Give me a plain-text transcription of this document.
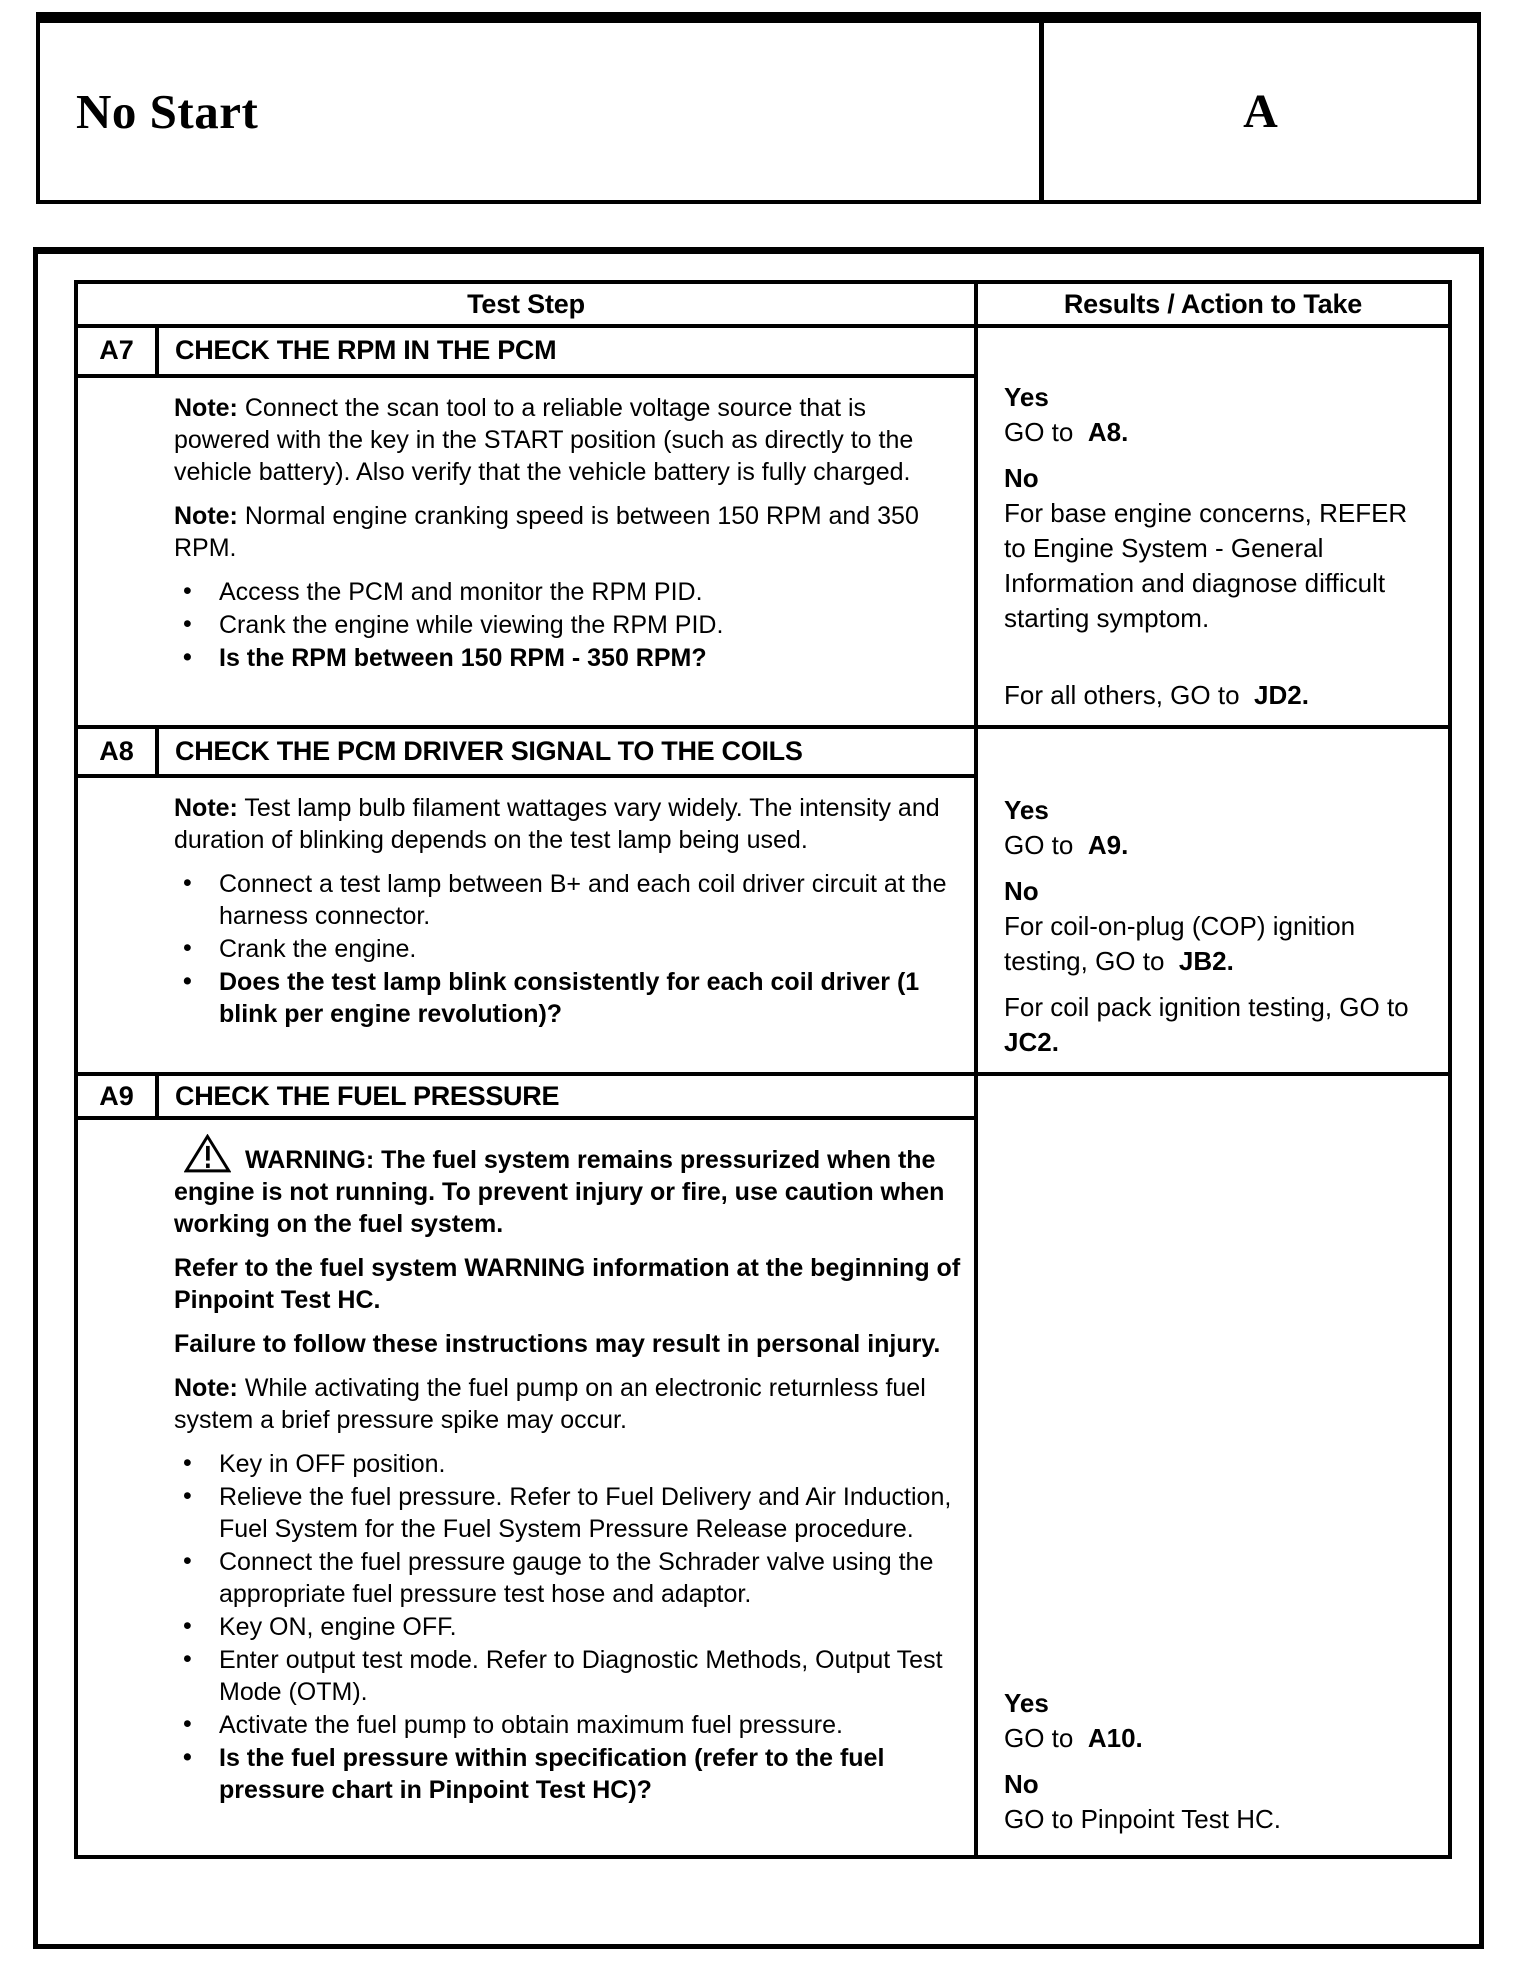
No Start	A
Test Step		Results / Action to Take
A7	CHECK THE RPM IN THE PCM	Yes
GO to  A8.
No
For base engine concerns, REFER to Engine System - General Information and diagnose difficult starting symptom.
For all others, GO to  JD2.

Note: Connect the scan tool to a reliable voltage source that is powered with the key in the START position (such as directly to the vehicle battery). Also verify that the vehicle battery is fully charged.

Note: Normal engine cranking speed is between 150 RPM and 350 RPM.

• Access the PCM and monitor the RPM PID.
• Crank the engine while viewing the RPM PID.
• Is the RPM between 150 RPM - 350 RPM?

A8	CHECK THE PCM DRIVER SIGNAL TO THE COILS	Yes
GO to  A9.
No
For coil-on-plug (COP) ignition testing, GO to  JB2.
For coil pack ignition testing, GO to JC2.

Note: Test lamp bulb filament wattages vary widely. The intensity and duration of blinking depends on the test lamp being used.

• Connect a test lamp between B+ and each coil driver circuit at the harness connector.
• Crank the engine.
• Does the test lamp blink consistently for each coil driver (1 blink per engine revolution)?

A9	CHECK THE FUEL PRESSURE	Yes
GO to  A10.
No
GO to Pinpoint Test HC.

WARNING: The fuel system remains pressurized when the engine is not running. To prevent injury or fire, use caution when working on the fuel system.

Refer to the fuel system WARNING information at the beginning of Pinpoint Test HC.

Failure to follow these instructions may result in personal injury.

Note: While activating the fuel pump on an electronic returnless fuel system a brief pressure spike may occur.

• Key in OFF position.
• Relieve the fuel pressure. Refer to Fuel Delivery and Air Induction, Fuel System for the Fuel System Pressure Release procedure.
• Connect the fuel pressure gauge to the Schrader valve using the appropriate fuel pressure test hose and adaptor.
• Key ON, engine OFF.
• Enter output test mode. Refer to Diagnostic Methods, Output Test Mode (OTM).
• Activate the fuel pump to obtain maximum fuel pressure.
• Is the fuel pressure within specification (refer to the fuel pressure chart in Pinpoint Test HC)?
